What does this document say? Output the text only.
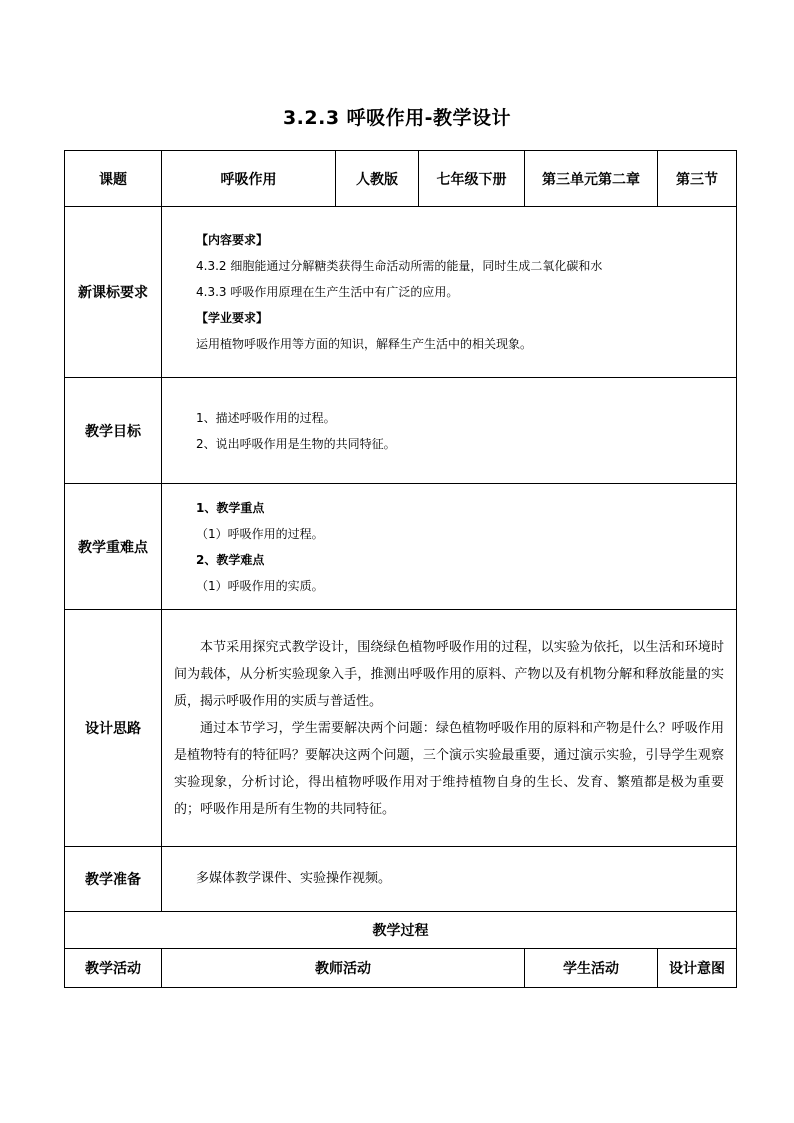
3.2.3 呼吸作用-教学设计
课题	呼吸作用	人教版	七年级下册	第三单元第二章	第三节
新课标要求	【内容要求】
4.3.2 细胞能通过分解糖类获得生命活动所需的能量，同时生成二氧化碳和水
4.3.3 呼吸作用原理在生产生活中有广泛的应用。
【学业要求】
运用植物呼吸作用等方面的知识，解释生产生活中的相关现象。				

教学目标	1、描述呼吸作用的过程。
2、说出呼吸作用是生物的共同特征。				

教学重难点	1、教学重点
（1）呼吸作用的过程。
2、教学难点
（1）呼吸作用的实质。				

设计思路	本节采用探究式教学设计，围绕绿色植物呼吸作用的过程，以实验为依托，以生活和环境时间为载体，从分析实验现象入手，推测出呼吸作用的原料、产物以及有机物分解和释放能量的实质，揭示呼吸作用的实质与普适性。

通过本节学习，学生需要解决两个问题：绿色植物呼吸作用的原料和产物是什么？呼吸作用是植物特有的特征吗？要解决这两个问题，三个演示实验最重要，通过演示实验，引导学生观察实验现象，分析讨论，得出植物呼吸作用对于维持植物自身的生长、发育、繁殖都是极为重要的；呼吸作用是所有生物的共同特征。				

教学准备	多媒体教学课件、实验操作视频。				

教学过程					
教学活动	教师活动			学生活动	设计意图
